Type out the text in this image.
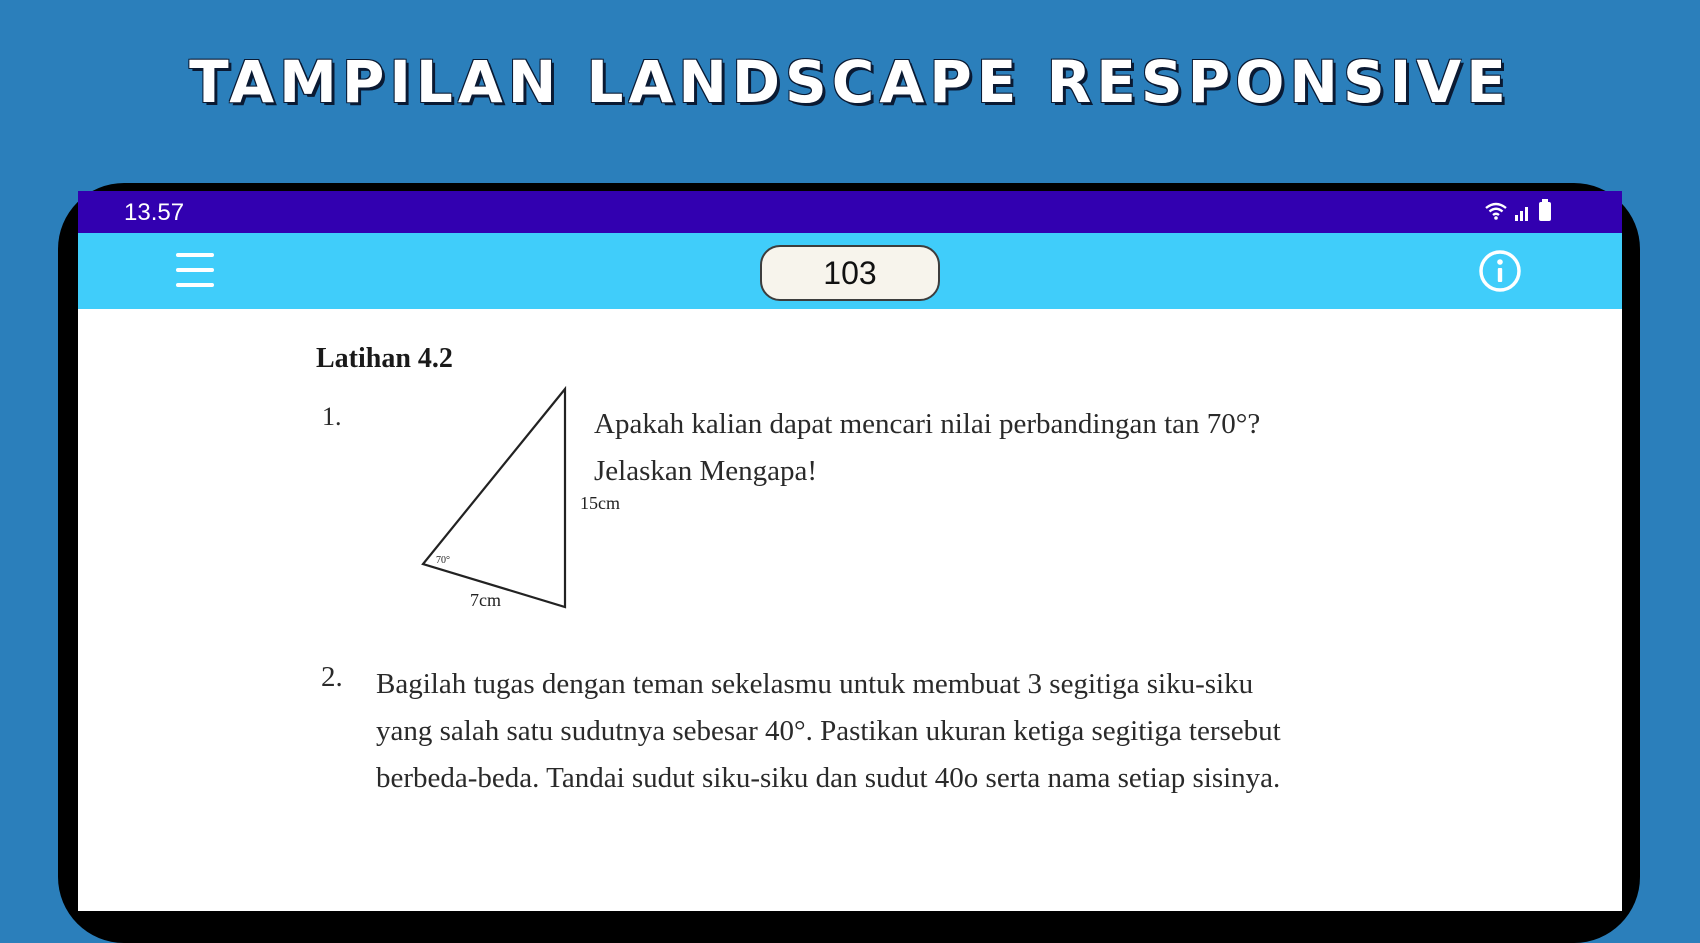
TAMPILAN LANDSCAPE RESPONSIVE
13.57
103
Latihan 4.2
1.
15cm
7cm
70°
Apakah kalian dapat mencari nilai perbandingan tan 70°?
Jelaskan Mengapa!
2. Bagilah tugas dengan teman sekelasmu untuk membuat 3 segitiga siku-siku
yang salah satu sudutnya sebesar 40°. Pastikan ukuran ketiga segitiga tersebut
berbeda-beda. Tandai sudut siku-siku dan sudut 40o serta nama setiap sisinya.
